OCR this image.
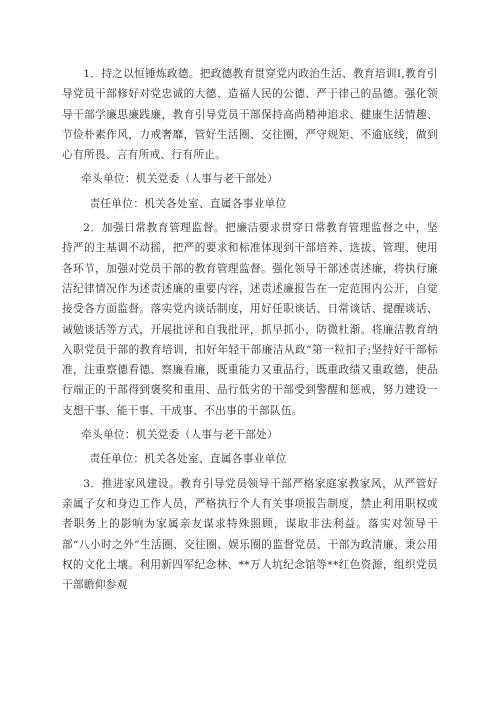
1．持之以恒锤炼政德。把政德教育贯穿党内政治生活、教育培训Ⅰ,教育引导党员干部修好对党忠诚的大德、造福人民的公德、严于律己的品德。强化领导干部学廉思廉践廉，教育引导党员干部保持高尚精神追求、健康生活情趣、节俭朴素作风，力戒奢靡，管好生活圈、交往圈，严守规矩、不逾底线，做到心有所畏、言有所戒、行有所止。

牵头单位：机关党委（人事与老干部处）

责任单位：机关各处室、直属各事业单位

2．加强日常教育管理监督。把廉洁要求贯穿日常教育管理监督之中，坚持严的主基调不动摇，把严的要求和标准体现到干部培养、选拔、管理、使用各环节，加强对党员干部的教育管理监督。强化领导干部述责述廉，将执行廉洁纪律情况作为述责述廉的重要内容，述责述廉报告在一定范围内公开，自觉接受各方面监督。落实党内谈话制度，用好任职谈话、日常谈话、提醒谈话、诫勉谈话等方式，开展批评和自我批评，抓早抓小，防微杜渐。将廉洁教育纳入职党员干部的教育培训，扣好年轻干部廉洁从政“第一粒扣子;坚持好干部标准，注重察德看德、察廉看廉，既重能力又重品行，既重政绩又重政德，使品行端正的干部得到褒奖和重用、品行低劣的干部受到警醒和惩戒，努力建设一支想干事、能干事、干成事、不出事的干部队伍。

牵头单位：机关党委（人事与老干部处）

责任单位：机关各处室、直属各事业单位

3．推进家风建设。教育引导党员领导干部严格家庭家教家风，从严管好亲属子女和身边工作人员，严格执行个人有关事项报告制度，禁止利用职权或者职务上的影响为家属亲友谋求特殊照顾，谋取非法利益。落实对领导干部“八小时之外”生活圈、交往圈、娱乐圈的监督党员、干部为政清廉、秉公用权的文化土壤。利用新四军纪念林、**万人坑纪念馆等**红色资源，组织党员干部瞻仰参观
